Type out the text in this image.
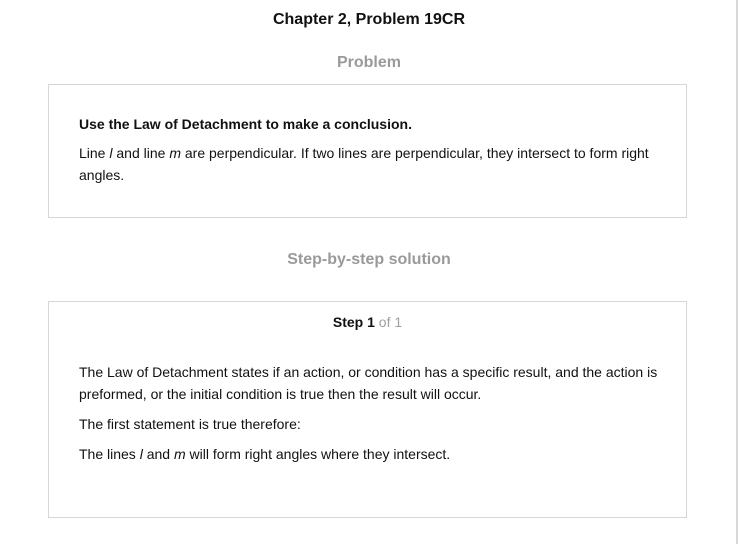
Chapter 2, Problem 19CR
Problem
Use the Law of Detachment to make a conclusion.
Line l and line m are perpendicular. If two lines are perpendicular, they intersect to form right angles.
Step-by-step solution
Step 1 of 1
The Law of Detachment states if an action, or condition has a specific result, and the action is preformed, or the initial condition is true then the result will occur.
The first statement is true therefore:
The lines l and m will form right angles where they intersect.
